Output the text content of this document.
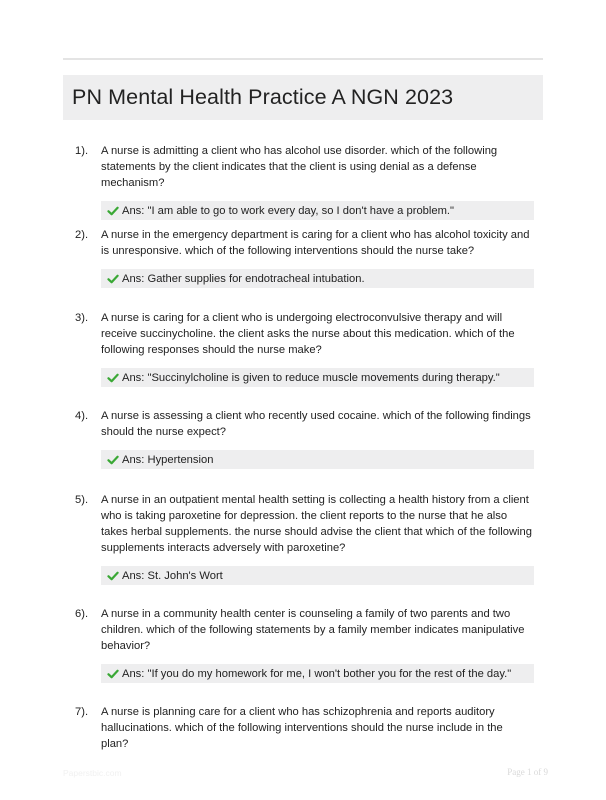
PN Mental Health Practice A NGN 2023
1).	A nurse is admitting a client who has alcohol use disorder. which of the following statements by the client indicates that the client is using denial as a defense mechanism?
Ans: "I am able to go to work every day, so I don't have a problem."
2).	A nurse in the emergency department is caring for a client who has alcohol toxicity and is unresponsive. which of the following interventions should the nurse take?
Ans: Gather supplies for endotracheal intubation.
3).	A nurse is caring for a client who is undergoing electroconvulsive therapy and will receive succinycholine. the client asks the nurse about this medication. which of the following responses should the nurse make?
Ans: "Succinylcholine is given to reduce muscle movements during therapy."
4).	A nurse is assessing a client who recently used cocaine. which of the following findings should the nurse expect?
Ans: Hypertension
5).	A nurse in an outpatient mental health setting is collecting a health history from a client who is taking paroxetine for depression. the client reports to the nurse that he also takes herbal supplements. the nurse should advise the client that which of the following supplements interacts adversely with paroxetine?
Ans: St. John's Wort
6).	A nurse in a community health center is counseling a family of two parents and two children. which of the following statements by a family member indicates manipulative behavior?
Ans: "If you do my homework for me, I won't bother you for the rest of the day."
7).	A nurse is planning care for a client who has schizophrenia and reports auditory hallucinations. which of the following interventions should the nurse include in the plan?
Paperstbic.com	Page 1 of 9
